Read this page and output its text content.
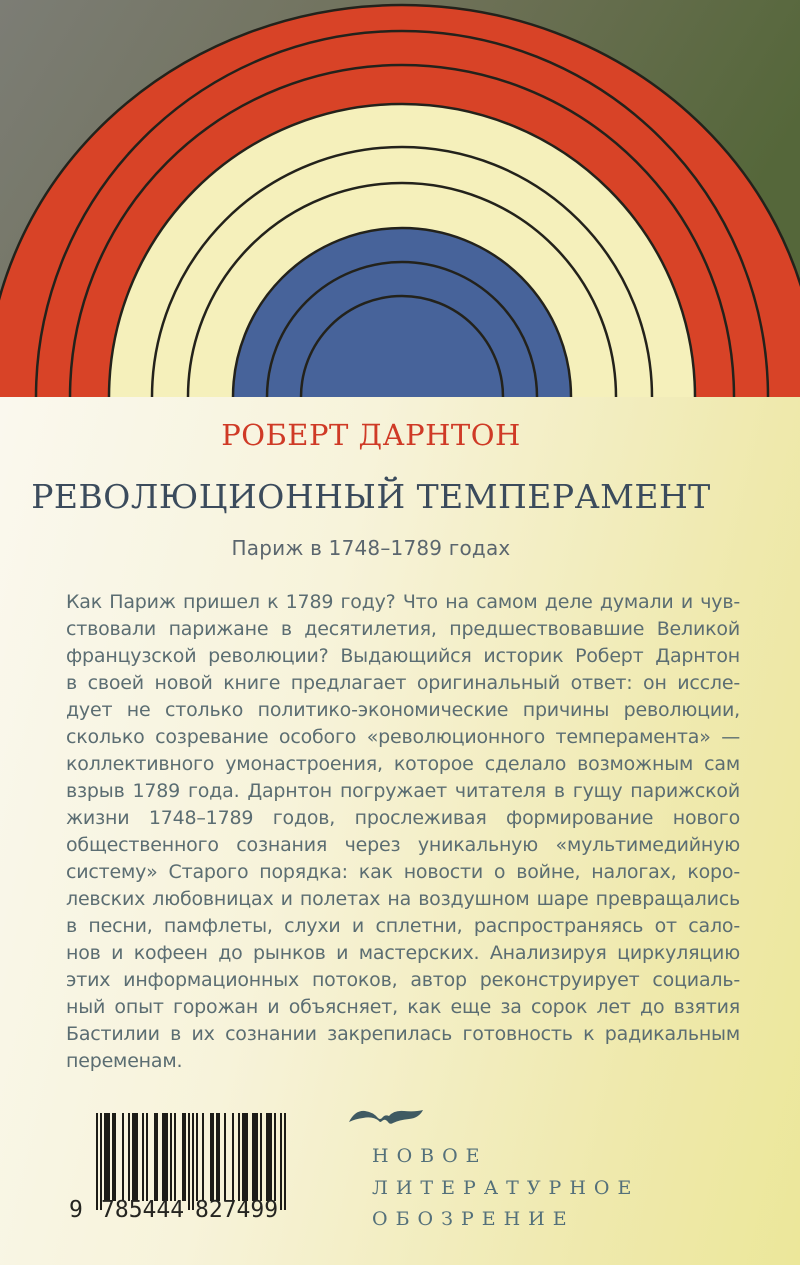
РОБЕРТ ДАРНТОН
РЕВОЛЮЦИОННЫЙ ТЕМПЕРАМЕНТ
Париж в 1748–1789 годах
Как Париж пришел к 1789 году? Что на самом деле думали и чув-
ствовали парижане в десятилетия, предшествовавшие Великой
французской революции? Выдающийся историк Роберт Дарнтон
в своей новой книге предлагает оригинальный ответ: он иссле-
дует не столько политико-экономические причины революции,
сколько созревание особого «революционного темперамента» —
коллективного умонастроения, которое сделало возможным сам
взрыв 1789 года. Дарнтон погружает читателя в гущу парижской
жизни 1748–1789 годов, прослеживая формирование нового
общественного сознания через уникальную «мультимедийную
систему» Старого порядка: как новости о войне, налогах, коро-
левских любовницах и полетах на воздушном шаре превращались
в песни, памфлеты, слухи и сплетни, распространяясь от сало-
нов и кофеен до рынков и мастерских. Анализируя циркуляцию
этих информационных потоков, автор реконструирует социаль-
ный опыт горожан и объясняет, как еще за сорок лет до взятия
Бастилии в их сознании закрепилась готовность к радикальным
переменам.
9 785444 827499
НОВОЕ
ЛИТЕРАТУРНОЕ
ОБОЗРЕНИЕ
